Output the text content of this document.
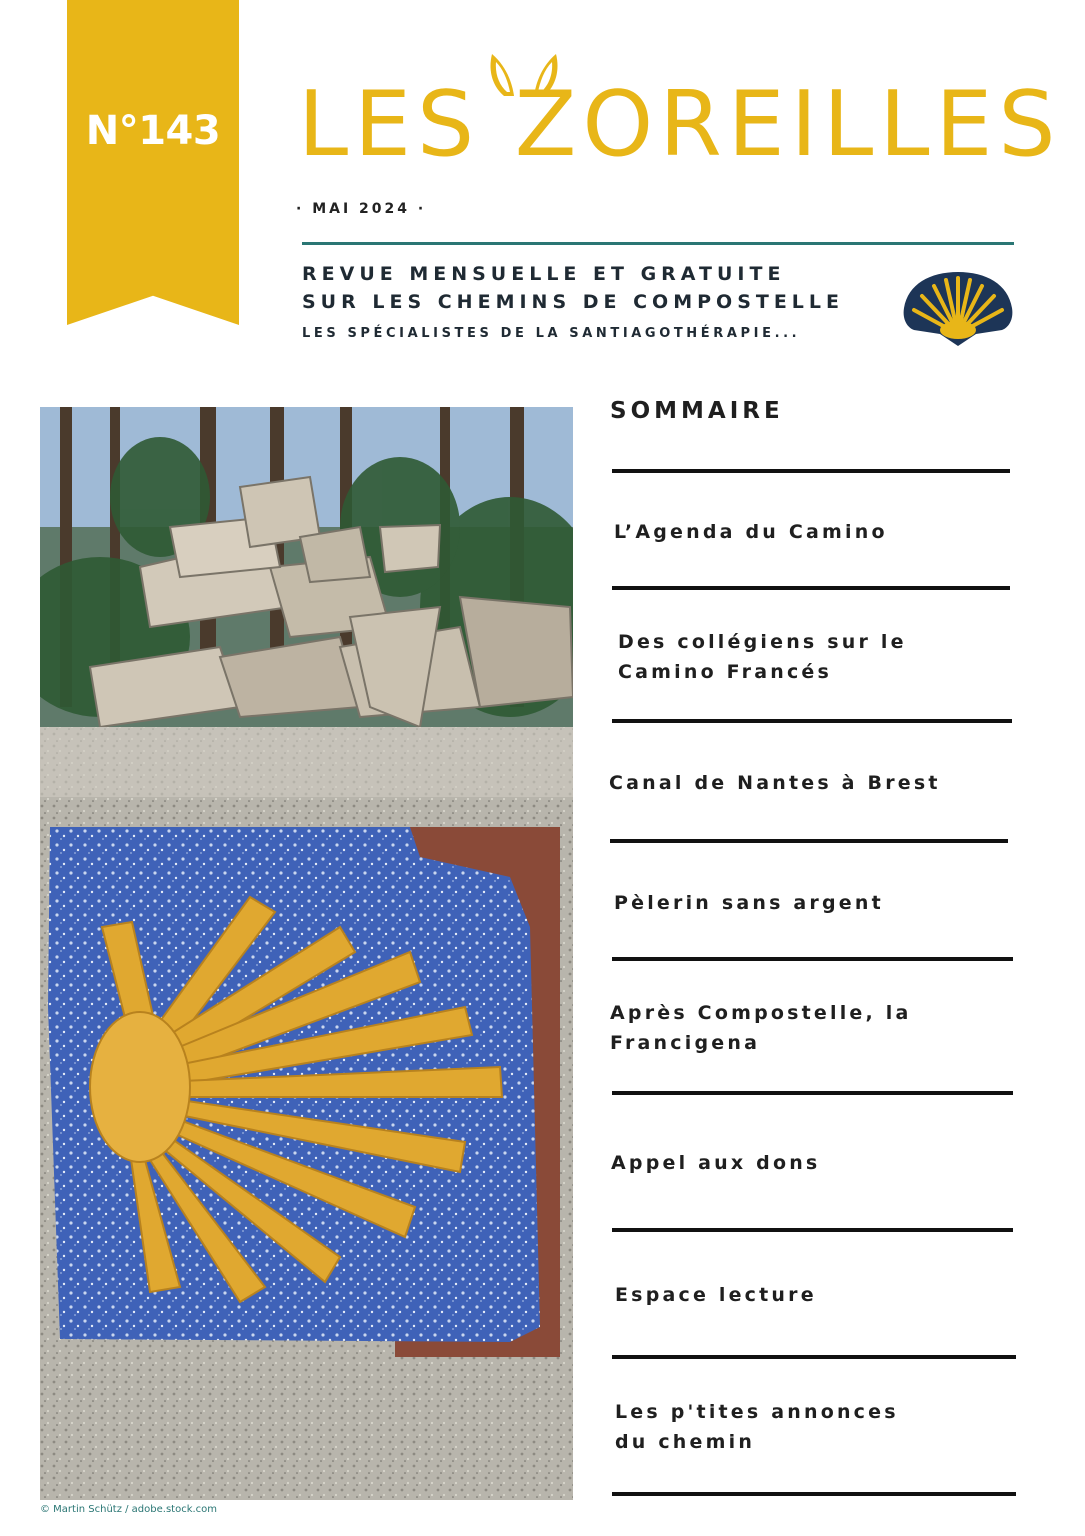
N°143 LES ZOREILLES
· MAI 2024 ·
REVUE MENSUELLE ET GRATUITE
SUR LES CHEMINS DE COMPOSTELLE
LES SPÉCIALISTES DE LA SANTIAGOTHÉRAPIE...
© Martin Schütz / adobe.stock.com
SOMMAIRE
L’Agenda du Camino
Des collégiens sur le
Camino Francés
Canal de Nantes à Brest
Pèlerin sans argent
Après Compostelle, la
Francigena
Appel aux dons
Espace lecture
Les p'tites annonces
du chemin
